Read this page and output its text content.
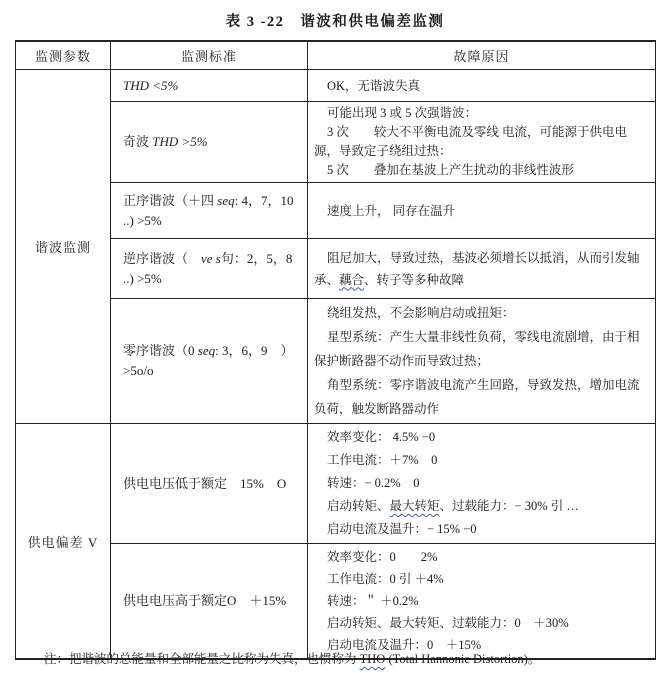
表 3 -22　谐波和供电偏差监测
监测参数	监测标准	故障原因
谐波监测	THD <5%	OK，无谐波失真

	奇波 THD >5%	可能出现 3 或 5 次强谐波：

3 次　　较大不平衡电流及零线 电流，可能源于供电电源，导致定子绕组过热：

5 次　　叠加在基波上产生扰动的非线性波形

	正序谐波（＋四 seq: 4，7，10 ..) >5%	速度上升， 同存在温升

	逆序谐波（　ve s句：2，5，8 ..) >5%	阻尼加大，导致过热，基波必须增长以抵消，从而引发轴承、藕合、转子等多种故障

	零序谐波（0 seq: 3，6，9　）>5o/o	绕组发热，不会影响启动或扭矩：

星型系统：产生大量非线性负荷，零线电流剧增，由于相保护断路器不动作而导致过热；

角型系统：零序谐波电流产生回路，导致发热，增加电流负荷，触发断路器动作

供电偏差 V	供电电压低于额定　15%　O	效率变化： 4.5% −0

工作电流：＋7%　0

转速：− 0.2%　0

启动转矩、最大转矩、过载能力：− 30% 引 …

启动电流及温升：− 15% −0

	供电电压高于额定O　＋15%	效率变化：0　　2%

工作电流：0 引 ＋4%

转速：＂ ＋0.2%

启动转矩、最大转矩、过载能力：0　＋30%

启动电流及温升：0　＋15%

注：把谐波的总能量和全部能量之比称为失真，也惯称为 THO (Total Hannonic Distortion)。
